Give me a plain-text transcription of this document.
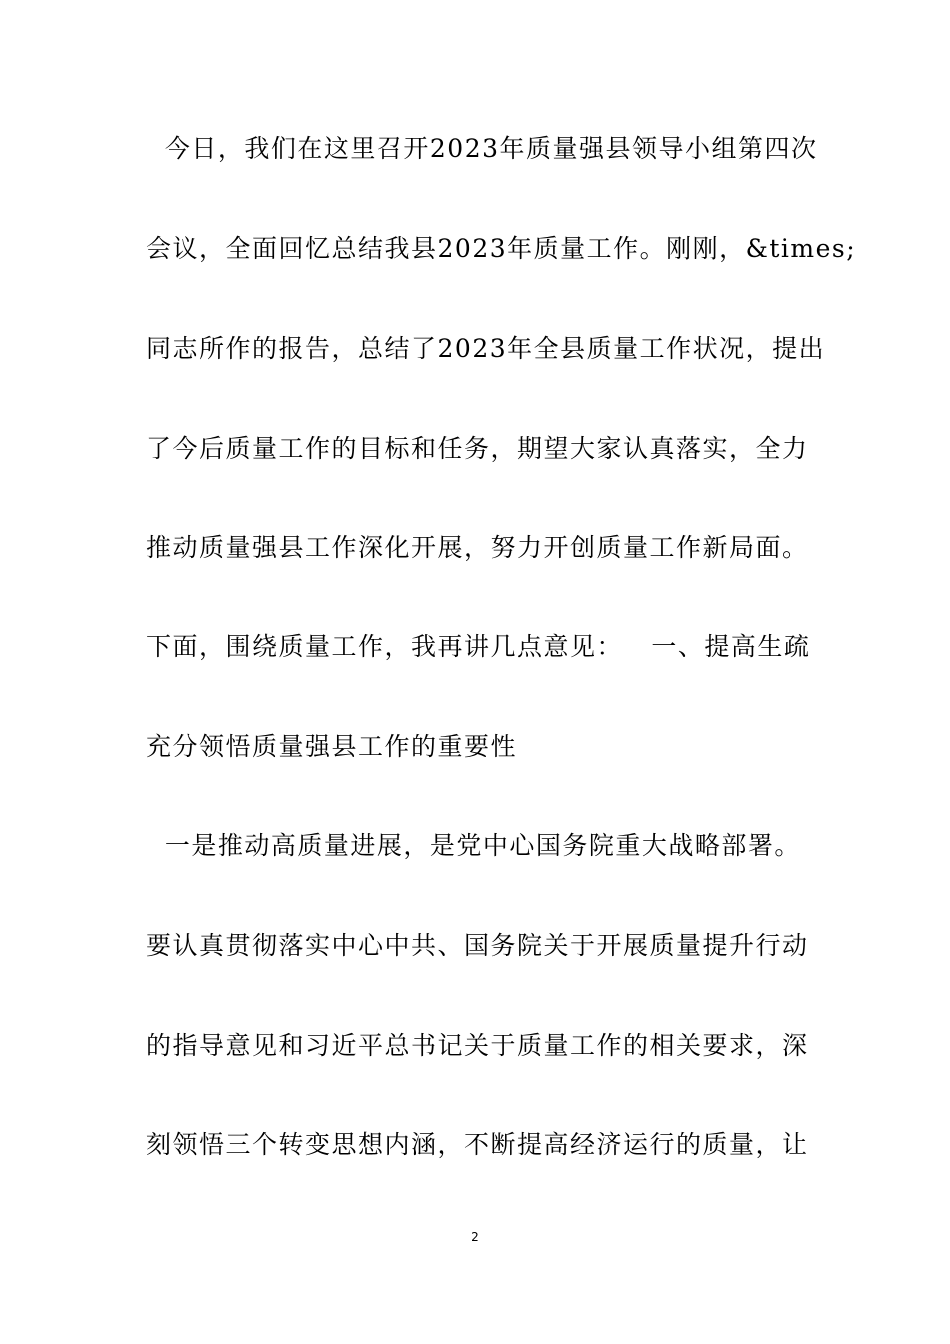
今日，我们在这里召开2023年质量强县领导小组第四次
会议，全面回忆总结我县2023年质量工作。刚刚，&times;
同志所作的报告，总结了2023年全县质量工作状况，提出
了今后质量工作的目标和任务，期望大家认真落实，全力
推动质量强县工作深化开展，努力开创质量工作新局面。
下面，围绕质量工作，我再讲几点意见：   一、提高生疏
充分领悟质量强县工作的重要性
一是推动高质量进展，是党中心国务院重大战略部署。
要认真贯彻落实中心中共、国务院关于开展质量提升行动
的指导意见和习近平总书记关于质量工作的相关要求，深
刻领悟三个转变思想内涵，不断提高经济运行的质量，让
2
